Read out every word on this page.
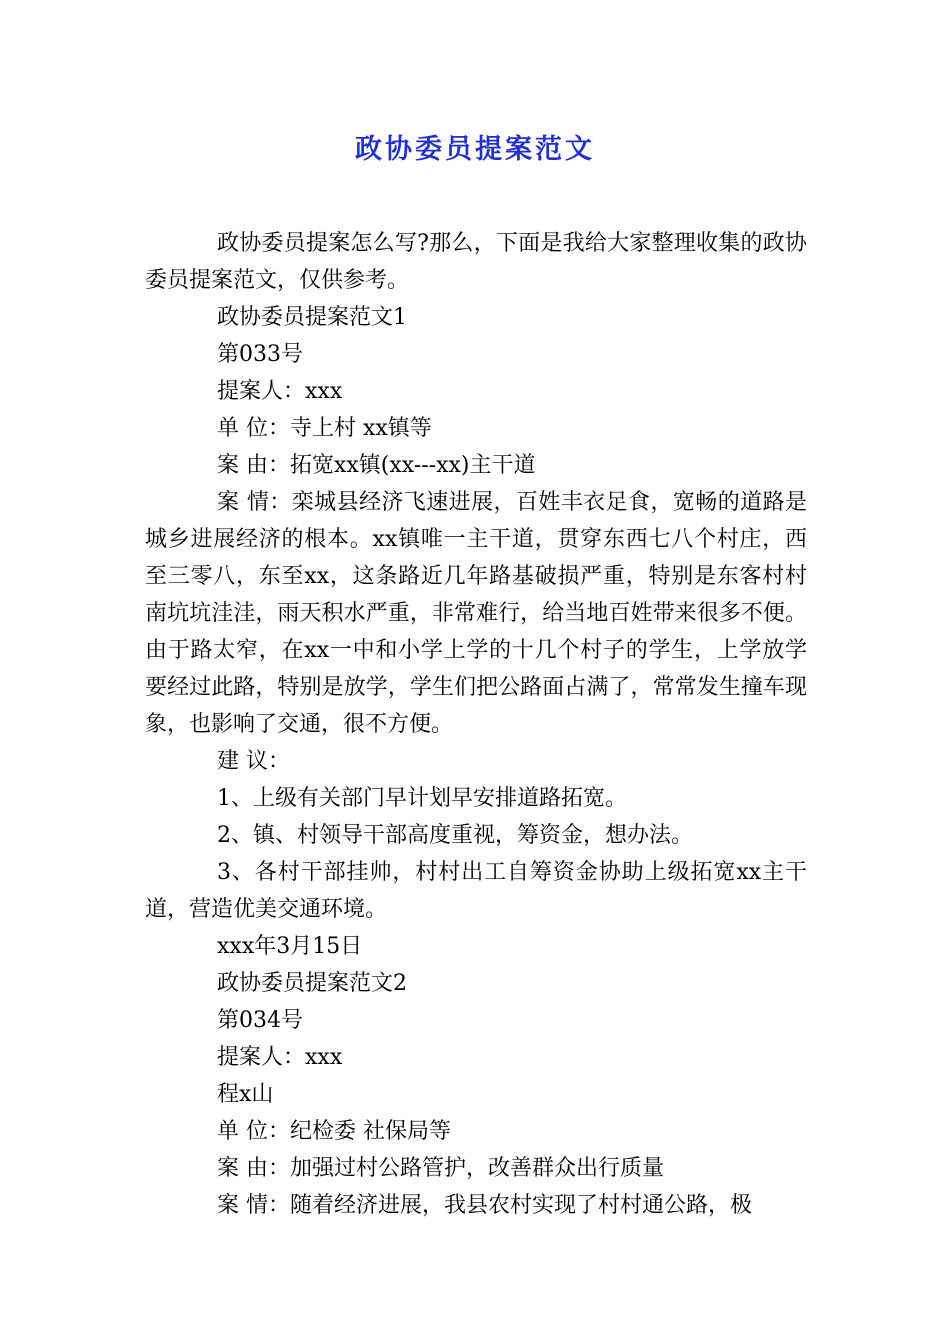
政协委员提案范文

政协委员提案怎么写?那么，下面是我给大家整理收集的政协委员提案范文，仅供参考。

政协委员提案范文1

第033号

提案人：xxx

单 位：寺上村 xx镇等

案 由：拓宽xx镇(xx---xx)主干道

案 情：栾城县经济飞速进展，百姓丰衣足食，宽畅的道路是城乡进展经济的根本。xx镇唯一主干道，贯穿东西七八个村庄，西至三零八，东至xx，这条路近几年路基破损严重，特别是东客村村南坑坑洼洼，雨天积水严重，非常难行，给当地百姓带来很多不便。由于路太窄，在xx一中和小学上学的十几个村子的学生，上学放学要经过此路，特别是放学，学生们把公路面占满了，常常发生撞车现象，也影响了交通，很不方便。

建 议：

1、上级有关部门早计划早安排道路拓宽。

2、镇、村领导干部高度重视，筹资金，想办法。

3、各村干部挂帅，村村出工自筹资金协助上级拓宽xx主干道，营造优美交通环境。

xxx年3月15日

政协委员提案范文2

第034号

提案人：xxx

程x山

单 位：纪检委 社保局等

案 由：加强过村公路管护，改善群众出行质量

案 情：随着经济进展，我县农村实现了村村通公路，极
